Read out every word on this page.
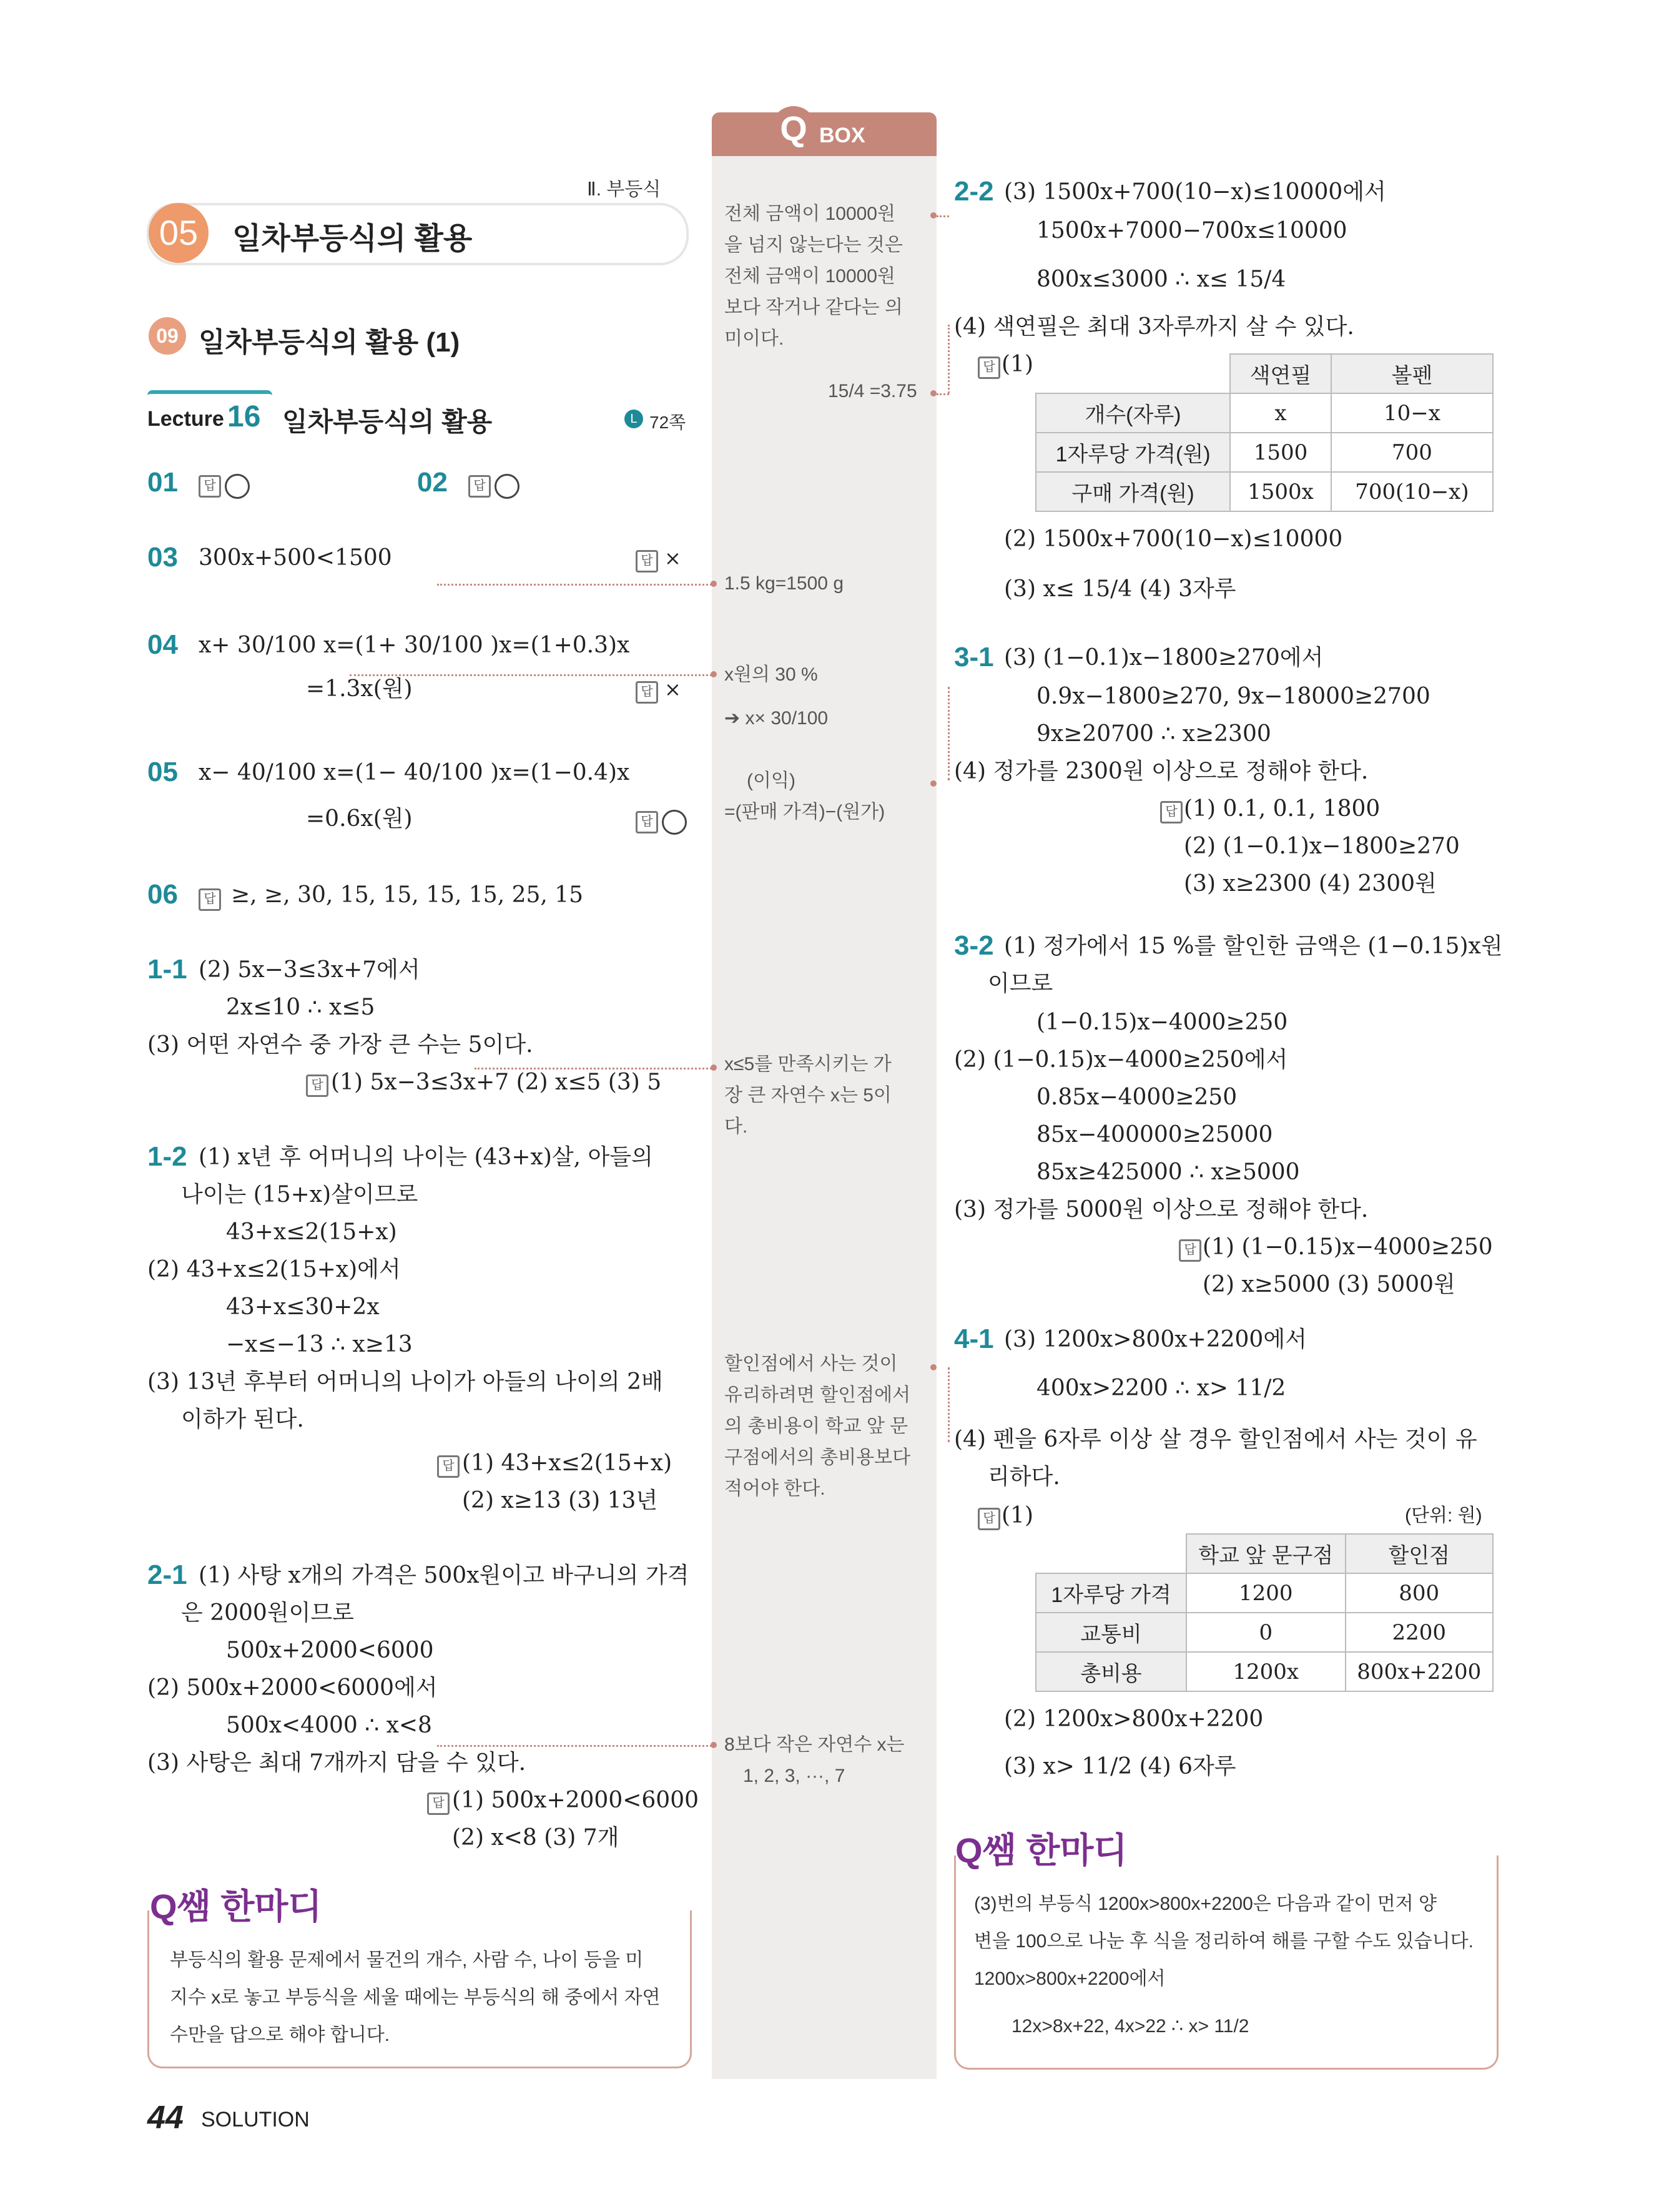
Ⅱ. 부등식
05	일차부등식의 활용
09 일차부등식의 활용 (1)
Lecture 16 일차부등식의 활용	L 72쪽
01	답	02	답
03 300x+500<1500	답 ×
04 x+ 30/100 x=(1+ 30/100 )x=(1+0.3)x
=1.3x(원)	답 ×
05 x− 40/100 x=(1− 40/100 )x=(1−0.4)x
=0.6x(원)	답
06	답 ≥, ≥, 30, 15, 15, 15, 15, 25, 15
1-1 (2) 5x−3≤3x+7에서
2x≤10 ∴ x≤5
(3) 어떤 자연수 중 가장 큰 수는 5이다.
답 (1) 5x−3≤3x+7 (2) x≤5 (3) 5
1-2 (1) x년 후 어머니의 나이는 (43+x)살, 아들의
나이는 (15+x)살이므로
43+x≤2(15+x)
(2) 43+x≤2(15+x)에서
43+x≤30+2x
−x≤−13 ∴ x≥13
(3) 13년 후부터 어머니의 나이가 아들의 나이의 2배
이하가 된다.
답 (1) 43+x≤2(15+x)
(2) x≥13 (3) 13년
2-1 (1) 사탕 x개의 가격은 500x원이고 바구니의 가격
은 2000원이므로
500x+2000<6000
(2) 500x+2000<6000에서
500x<4000 ∴ x<8
(3) 사탕은 최대 7개까지 담을 수 있다.
답 (1) 500x+2000<6000
(2) x<8 (3) 7개
Q쌤 한마디
부등식의 활용 문제에서 물건의 개수, 사람 수, 나이 등을 미
지수 x로 놓고 부등식을 세울 때에는 부등식의 해 중에서 자연
수만을 답으로 해야 합니다.
Q BOX
전체 금액이 10000원
을 넘지 않는다는 것은
전체 금액이 10000원
보다 작거나 같다는 의
미이다.
15/4 =3.75
1.5 kg=1500 g
x원의 30 %
➔ x× 30/100
(이익)
=(판매 가격)−(원가)
x≤5를 만족시키는 가
장 큰 자연수 x는 5이
다.
할인점에서 사는 것이
유리하려면 할인점에서
의 총비용이 학교 앞 문
구점에서의 총비용보다
적어야 한다.
8보다 작은 자연수 x는
1, 2, 3, ···, 7
2-2 (3) 1500x+700(10−x)≤10000에서
1500x+7000−700x≤10000
800x≤3000 ∴ x≤ 15/4
(4) 색연필은 최대 3자루까지 살 수 있다.
답 (1)
		색연필	볼펜
개수(자루)	x	10−x
1자루당 가격(원)	1500	700
구매 가격(원)	1500x	700(10−x)
(2) 1500x+700(10−x)≤10000
(3) x≤ 15/4 (4) 3자루
3-1 (3) (1−0.1)x−1800≥270에서
0.9x−1800≥270, 9x−18000≥2700
9x≥20700 ∴ x≥2300
(4) 정가를 2300원 이상으로 정해야 한다.
답 (1) 0.1, 0.1, 1800
(2) (1−0.1)x−1800≥270
(3) x≥2300 (4) 2300원
3-2 (1) 정가에서 15 %를 할인한 금액은 (1−0.15)x원
이므로
(1−0.15)x−4000≥250
(2) (1−0.15)x−4000≥250에서
0.85x−4000≥250
85x−400000≥25000
85x≥425000 ∴ x≥5000
(3) 정가를 5000원 이상으로 정해야 한다.
답 (1) (1−0.15)x−4000≥250
(2) x≥5000 (3) 5000원
4-1 (3) 1200x>800x+2200에서
400x>2200 ∴ x> 11/2
(4) 펜을 6자루 이상 살 경우 할인점에서 사는 것이 유
리하다.
답 (1)	(단위: 원)
	학교 앞 문구점	할인점
1자루당 가격	1200	800
교통비	0	2200
총비용	1200x	800x+2200
(2) 1200x>800x+2200
(3) x> 11/2 (4) 6자루
Q쌤 한마디
(3)번의 부등식 1200x>800x+2200은 다음과 같이 먼저 양
변을 100으로 나눈 후 식을 정리하여 해를 구할 수도 있습니다.
1200x>800x+2200에서
12x>8x+22, 4x>22 ∴ x> 11/2
44 SOLUTION
